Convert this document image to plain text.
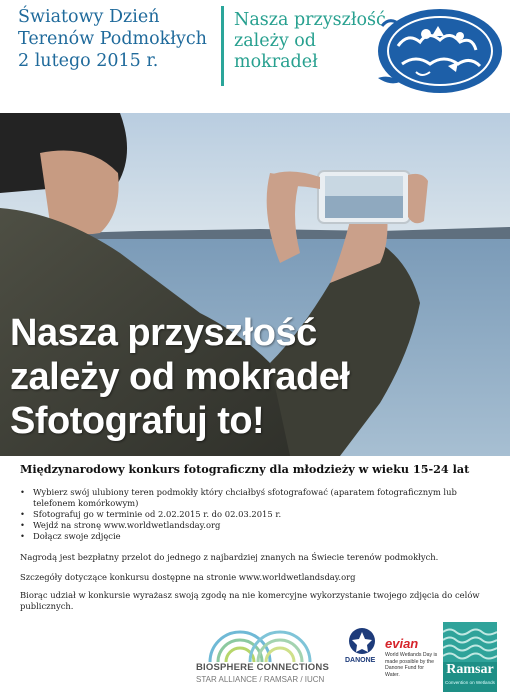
Światowy Dzień
Terenów Podmokłych
2 lutego 2015 r.
Nasza przyszłość
zależy od
mokradeł
Nasza przyszłość
zależy od mokradeł
Sfotografuj to!
Międzynarodowy konkurs fotograficzny dla młodzieży w wieku 15-24 lat
• Wybierz swój ulubiony teren podmokły który chciałbyś sfotografować (aparatem fotograficznym lub telefonem komórkowym)
• Sfotografuj go w terminie od 2.02.2015 r. do 02.03.2015 r.
• Wejdź na stronę www.worldwetlandsday.org
• Dołącz swoje zdjęcie
Nagrodą jest bezpłatny przelot do jednego z najbardziej znanych na Świecie terenów podmokłych.
Szczegóły dotyczące konkursu dostępne na stronie www.worldwetlandsday.org
Biorąc udział w konkursie wyrażasz swoją zgodę na nie komercyjne wykorzystanie twojego zdjęcia do celów publicznych.
BIOSPHERE CONNECTIONS
STAR ALLIANCE / RAMSAR / IUCN
DANONE
evian
World Wetlands Day is made possible by the Danone Fund for Water.	Ramsar
Convention on Wetlands
